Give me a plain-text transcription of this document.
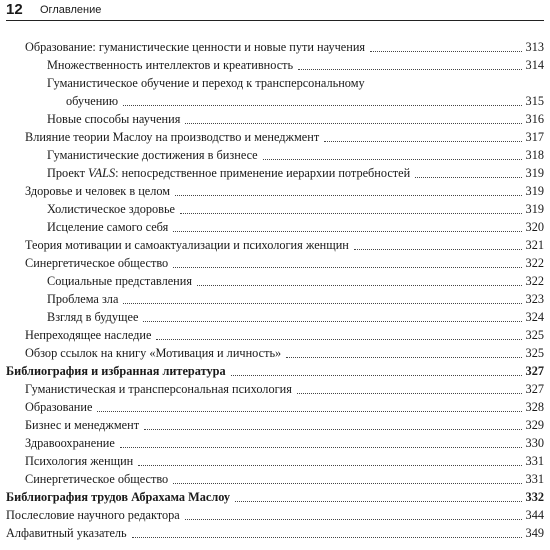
12 Оглавление
Образование: гуманистические ценности и новые пути научения	313
Множественность интеллектов и креативность	314
Гуманистическое обучение и переход к трансперсональному
обучению	315
Новые способы научения	316
Влияние теории Маслоу на производство и менеджмент	317
Гуманистические достижения в бизнесе	318
Проект VALS: непосредственное применение иерархии потребностей	319
Здоровье и человек в целом	319
Холистическое здоровье	319
Исцеление самого себя	320
Теория мотивации и самоактуализации и психология женщин	321
Синергетическое общество	322
Социальные представления	322
Проблема зла	323
Взгляд в будущее	324
Непреходящее наследие	325
Обзор ссылок на книгу «Мотивация и личность»	325
Библиография и избранная литература	327
Гуманистическая и трансперсональная психология	327
Образование	328
Бизнес и менеджмент	329
Здравоохранение	330
Психология женщин	331
Синергетическое общество	331
Библиография трудов Абрахама Маслоу	332
Послесловие научного редактора	344
Алфавитный указатель	349
